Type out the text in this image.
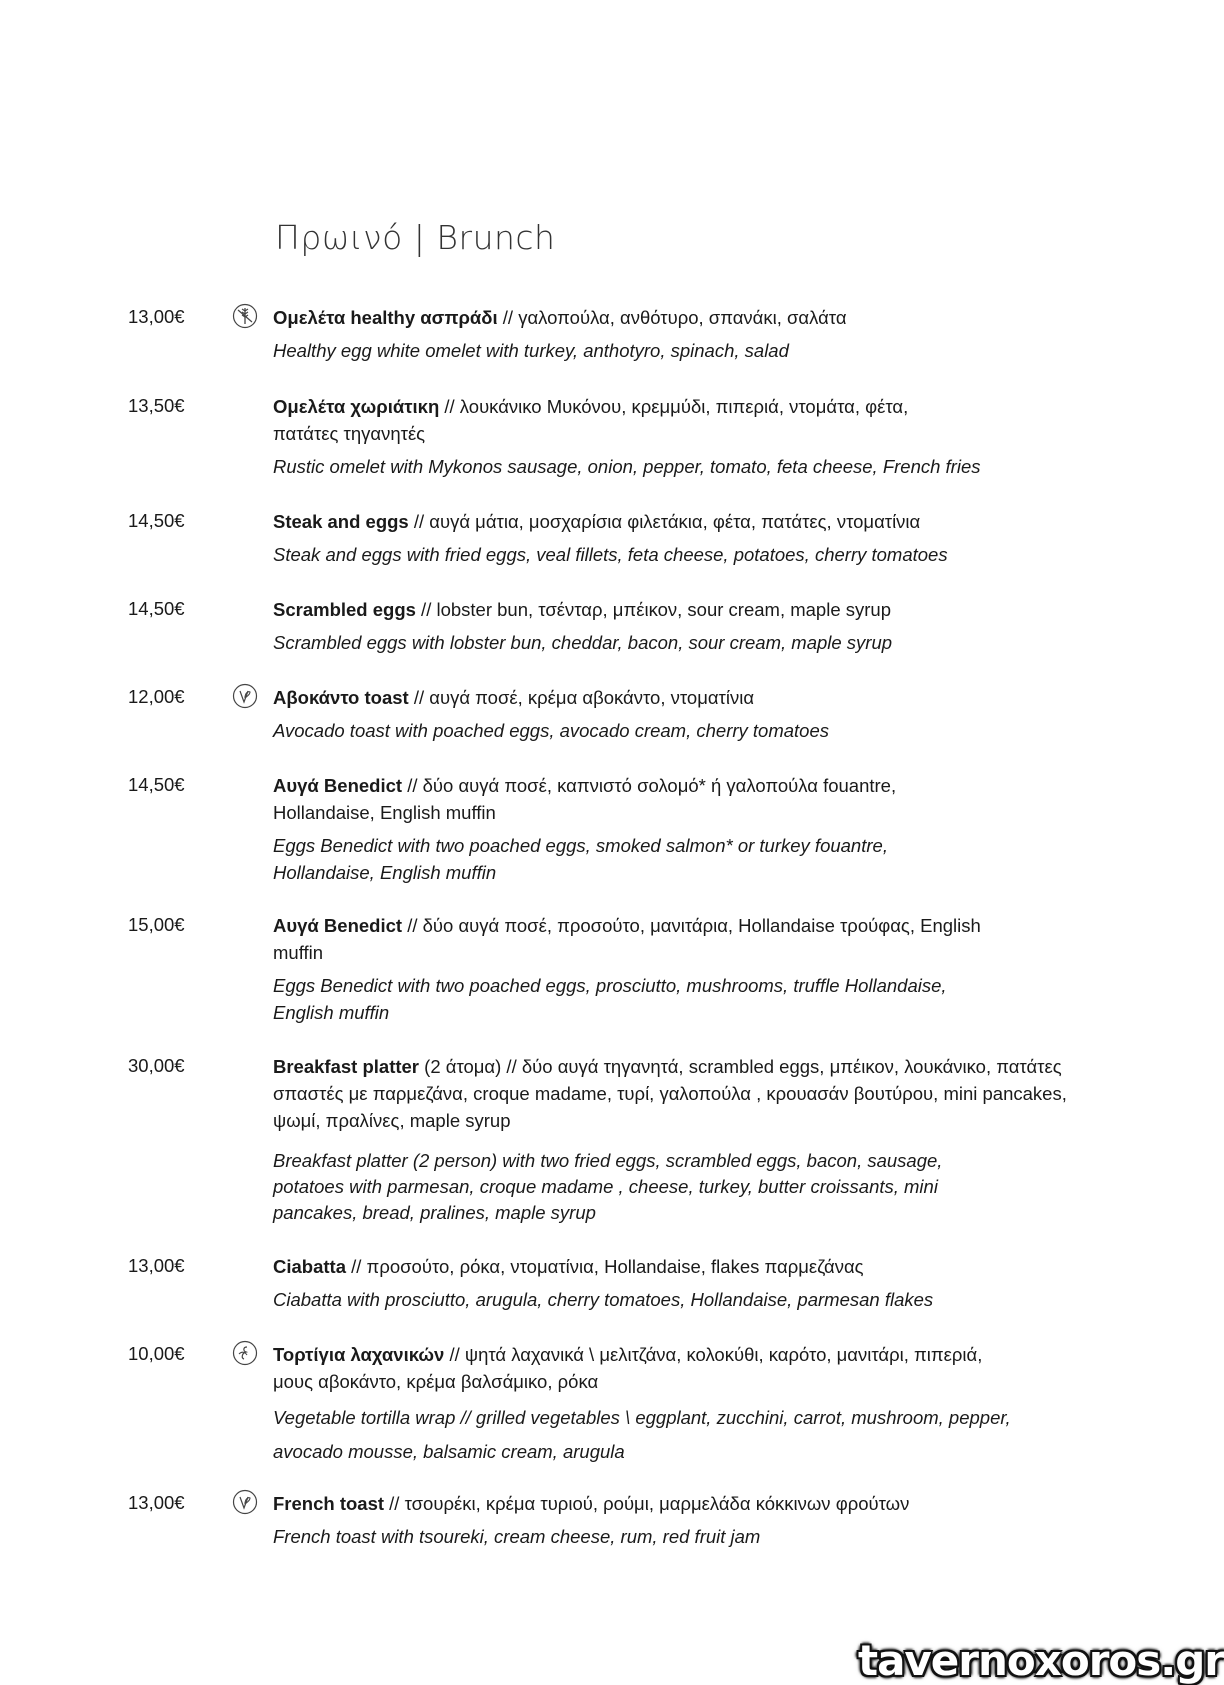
Πρωινό | Brunch
13,00€	Ομελέτα healthy ασπράδι // γαλοπούλα, ανθότυρο, σπανάκι, σαλάτα
Healthy egg white omelet with turkey, anthotyro, spinach, salad
13,50€	Ομελέτα χωριάτικη // λουκάνικο Μυκόνου, κρεμμύδι, πιπεριά, ντομάτα, φέτα, πατάτες τηγανητές
Rustic omelet with Mykonos sausage, onion, pepper, tomato, feta cheese, French fries
14,50€	Steak and eggs // αυγά μάτια, μοσχαρίσια φιλετάκια, φέτα, πατάτες, ντοματίνια
Steak and eggs with fried eggs, veal fillets, feta cheese, potatoes, cherry tomatoes
14,50€	Scrambled eggs // lobster bun, τσένταρ, μπέικον, sour cream, maple syrup
Scrambled eggs with lobster bun, cheddar, bacon, sour cream, maple syrup
12,00€	Αβοκάντο toast // αυγά ποσέ, κρέμα αβοκάντο, ντοματίνια
Avocado toast with poached eggs, avocado cream, cherry tomatoes
14,50€	Αυγά Benedict // δύο αυγά ποσέ, καπνιστό σολομό* ή γαλοπούλα fouantre, Hollandaise, English muffin
Eggs Benedict with two poached eggs, smoked salmon* or turkey fouantre, Hollandaise, English muffin
15,00€	Αυγά Benedict // δύο αυγά ποσέ, προσούτο, μανιτάρια, Hollandaise τρούφας, English muffin
Eggs Benedict with two poached eggs, prosciutto, mushrooms, truffle Hollandaise, English muffin
30,00€	Breakfast platter (2 άτομα) // δύο αυγά τηγανητά, scrambled eggs, μπέικον, λουκάνικο, πατάτες σπαστές με παρμεζάνα, croque madame, τυρί, γαλοπούλα , κρουασάν βουτύρου, mini pancakes, ψωμί, πραλίνες, maple syrup
Breakfast platter (2 person) with two fried eggs, scrambled eggs, bacon, sausage, potatoes with parmesan, croque madame , cheese, turkey, butter croissants, mini pancakes, bread, pralines, maple syrup
13,00€	Ciabatta // προσούτο, ρόκα, ντοματίνια, Hollandaise, flakes παρμεζάνας
Ciabatta with prosciutto, arugula, cherry tomatoes, Hollandaise, parmesan flakes
10,00€	Τορτίγια λαχανικών // ψητά λαχανικά \ μελιτζάνα, κολοκύθι, καρότο, μανιτάρι, πιπεριά, μους αβοκάντο, κρέμα βαλσάμικο, ρόκα
Vegetable tortilla wrap // grilled vegetables \ eggplant, zucchini, carrot, mushroom, pepper, avocado mousse, balsamic cream, arugula
13,00€	French toast // τσουρέκι, κρέμα τυριού, ρούμι, μαρμελάδα κόκκινων φρούτων
French toast with tsoureki, cream cheese, rum, red fruit jam
tavernoxoros.gr
